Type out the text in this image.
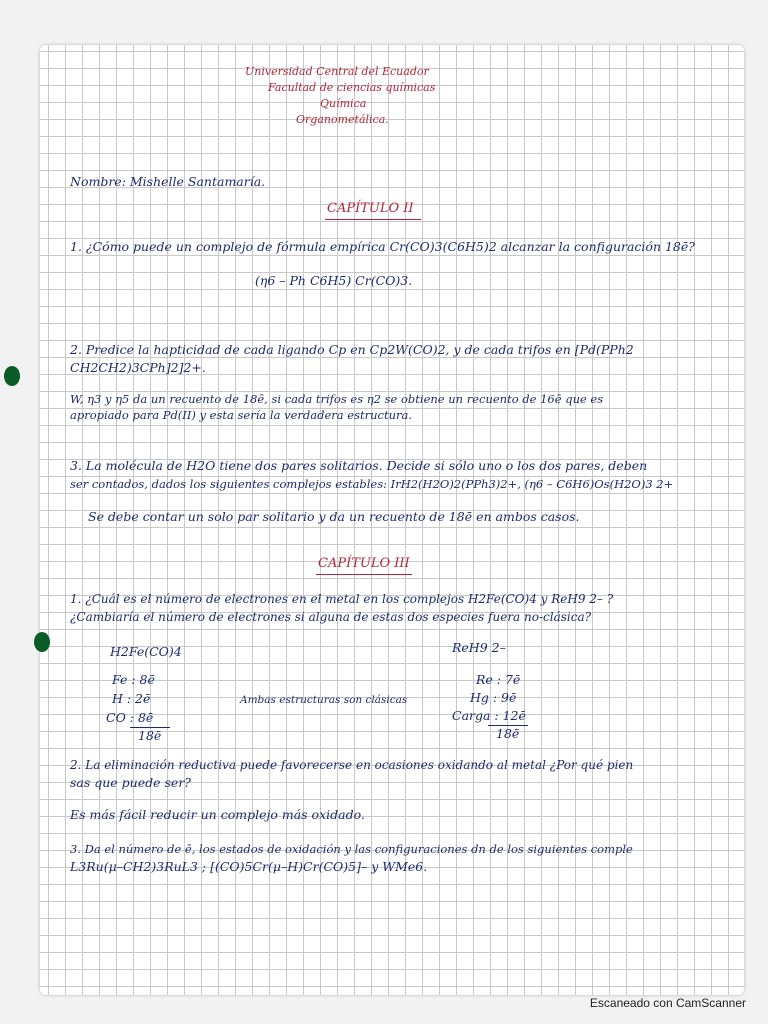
Universidad Central del Ecuador
Facultad de ciencias químicas
Química
Organometálica.
Nombre: Mishelle Santamaría.
CAPÍTULO II
1. ¿Cómo puede un complejo de fórmula empírica Cr(CO)3(C6H5)2 alcanzar la configuración 18ē?
(η6 – Ph C6H5) Cr(CO)3.
2. Predice la hapticidad de cada ligando Cp en Cp2W(CO)2, y de cada trifos en [Pd(PPh2
CH2CH2)3CPh]2]2+.
W, η3 y η5 da un recuento de 18ē, si cada trifos es η2 se obtiene un recuento de 16ē que es
apropiado para Pd(II) y esta sería la verdadera estructura.
3. La molécula de H2O tiene dos pares solitarios. Decide si sólo uno o los dos pares, deben
ser contados, dados los siguientes complejos estables: IrH2(H2O)2(PPh3)2+, (η6 – C6H6)Os(H2O)3 2+
Se debe contar un solo par solitario y da un recuento de 18ē en ambos casos.
CAPÍTULO III
1. ¿Cuál es el número de electrones en el metal en los complejos H2Fe(CO)4 y ReH9 2– ?
¿Cambiaría el número de electrones si alguna de estas dos especies fuera no-clásica?
H2Fe(CO)4
Fe : 8ē
H : 2ē
CO : 8ē
18ē
Ambas estructuras son clásicas
ReH9 2–
Re : 7ē
Hg : 9ē
Carga : 12ē
18ē
2. La eliminación reductiva puede favorecerse en ocasiones oxidando al metal ¿Por qué pien
sas que puede ser?
Es más fácil reducir un complejo más oxidado.
3. Da el número de ē, los estados de oxidación y las configuraciones dn de los siguientes comple
L3Ru(μ–CH2)3RuL3 ; [(CO)5Cr(μ–H)Cr(CO)5]– y WMe6.
Escaneado con CamScanner
